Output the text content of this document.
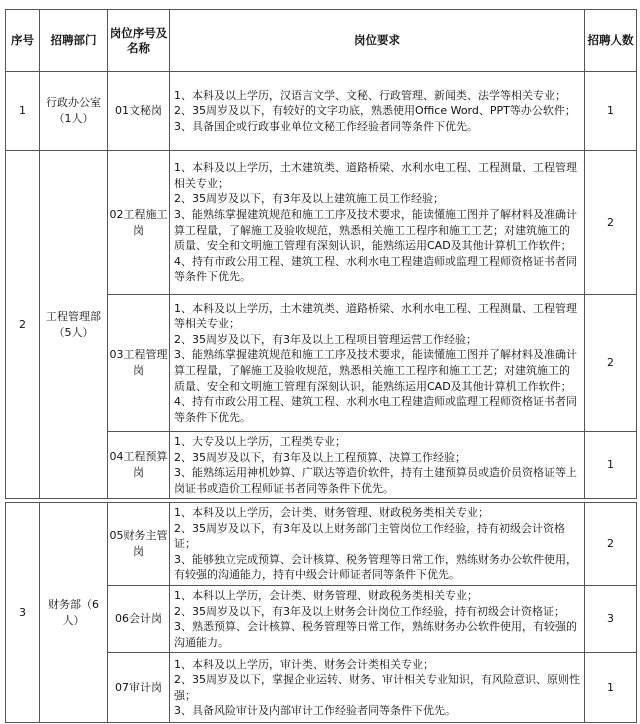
序号	招聘部门	岗位序号及名称	岗位要求	招聘人数
1	行政办公室（1人）	01文秘岗	1、本科及以上学历，汉语言文学、文秘、行政管理、新闻类、法学等相关专业；
2、35周岁及以下，有较好的文字功底，熟悉使用Office Word、PPT等办公软件；
3、具备国企或行政事业单位文秘工作经验者同等条件下优先。	1
2	工程管理部（5人）	02工程施工岗	1、本科及以上学历，土木建筑类、道路桥梁、水利水电工程、工程测量、工程管理相关专业；
2、35周岁及以下，有3年及以上建筑施工员工作经验；
3、能熟练掌握建筑规范和施工工序及技术要求，能读懂施工图并了解材料及准确计算工程量，了解施工及验收规范，熟悉相关施工工程序和施工工艺；对建筑施工的质量、安全和文明施工管理有深刻认识，能熟练运用CAD及其他计算机工作软件；
4、持有市政公用工程、建筑工程、水利水电工程建造师或监理工程师资格证书者同等条件下优先。	2
		03工程管理岗	1、本科及以上学历，土木建筑类、道路桥梁、水利水电工程、工程测量、工程管理等相关专业；
2、35周岁及以下，有3年及以上工程项目管理运营工作经验；
3、能熟练掌握建筑规范和施工工序及技术要求，能读懂施工图并了解材料及准确计算工程量，了解施工及验收规范，熟悉相关施工工程序和施工工艺；对建筑施工的质量、安全和文明施工管理有深刻认识，能熟练运用CAD及其他计算机工作软件；
4、持有市政公用工程、建筑工程、水利水电工程建造师或监理工程师资格证书者同等条件下优先。	2
		04工程预算岗	1、大专及以上学历，工程类专业；
2、35周岁及以下，有3年及以上工程预算、决算工作经验；
3、能熟练运用神机妙算、广联达等造价软件，持有土建预算员或造价员资格证等上岗证书或造价工程师证书者同等条件下优先。	1
3	财务部（6人）	05财务主管岗	1、本科及以上学历，会计类、财务管理、财政税务类相关专业；
2、35周岁及以下，有3年及以上财务部门主管岗位工作经验，持有初级会计资格证；
3、能够独立完成预算、会计核算、税务管理等日常工作，熟练财务办公软件使用，有较强的沟通能力，持有中级会计师证者同等条件下优先。	2
		06会计岗	1、本科以上学历，会计类、财务管理、财政税务类相关专业；
2、35周岁及以下，有3年及以上财务会计岗位工作经验，持有初级会计资格证；
3、熟悉预算、会计核算、税务管理等日常工作，熟练财务办公软件使用，有较强的沟通能力。	3
		07审计岗	1、本科及以上学历，审计类、财务会计类相关专业；
2、35周岁及以下，掌握企业运转、财务、审计相关专业知识，有风险意识、原则性强；
3、具备风险审计及内部审计工作经验者同等条件下优先。	1
